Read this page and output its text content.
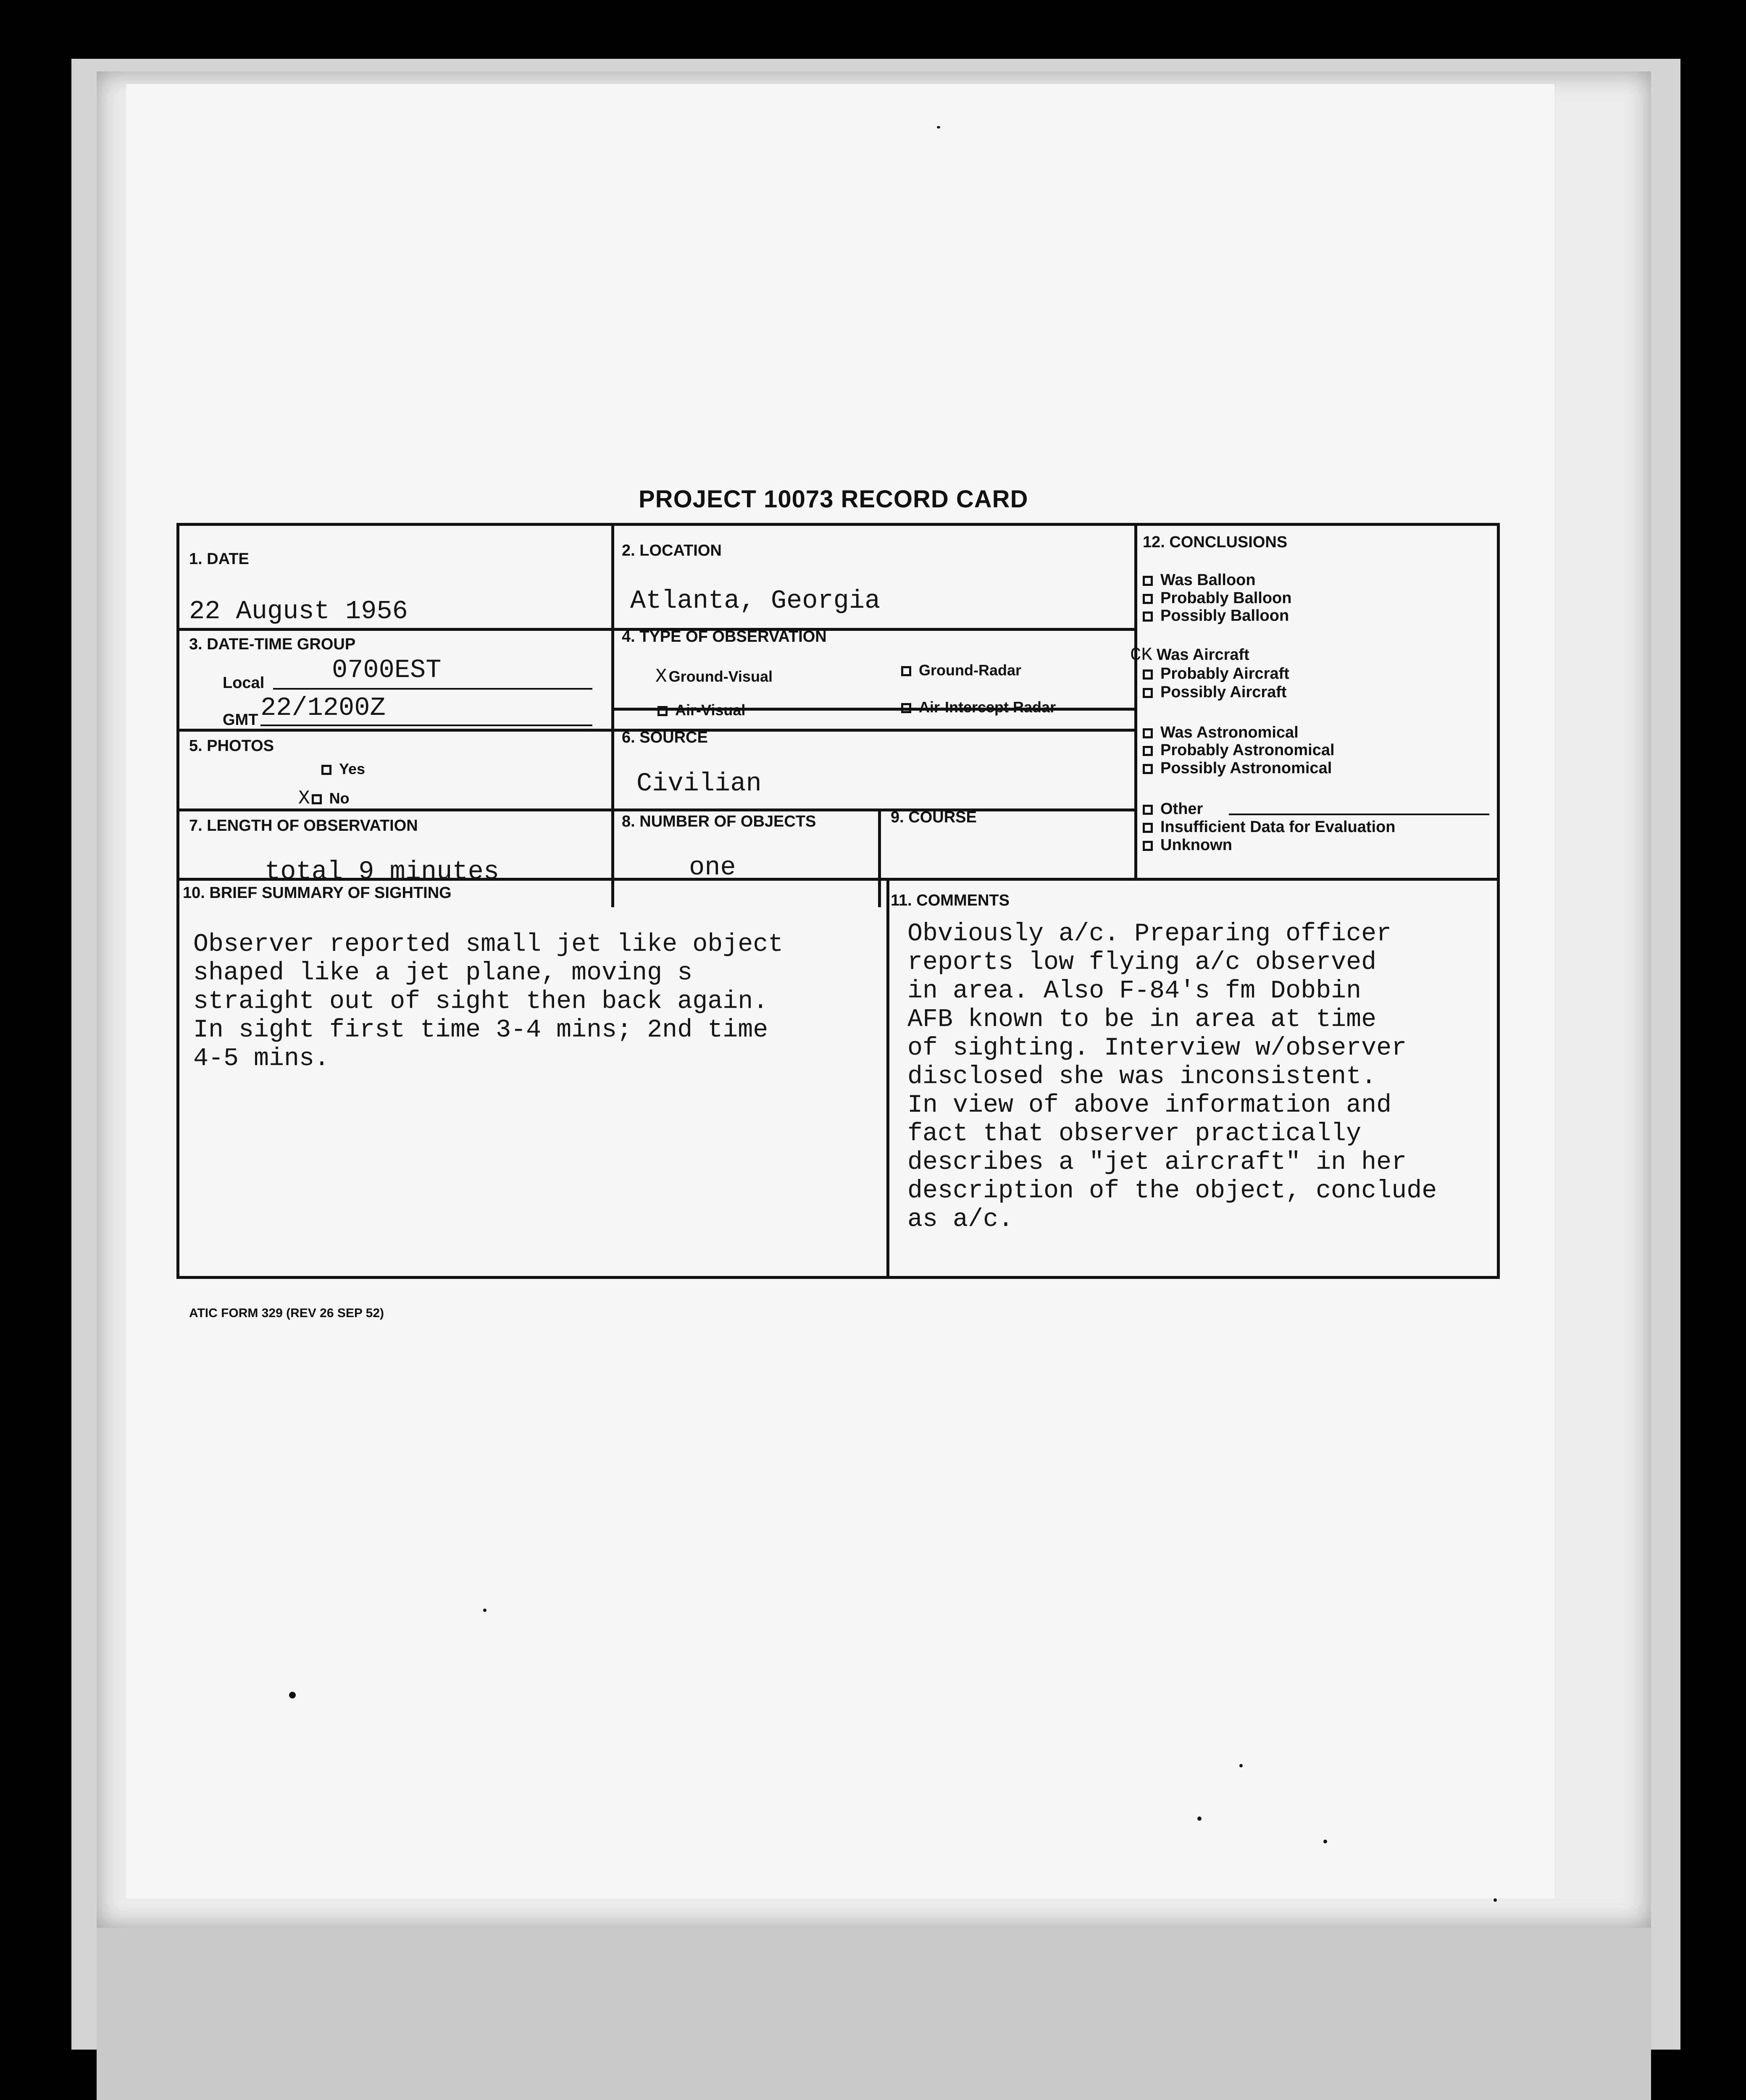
PROJECT 10073 RECORD CARD
1. DATE
22 August 1956
2. LOCATION
Atlanta, Georgia
3. DATE-TIME GROUP
Local	0700EST
GMT 22/1200Z
4. TYPE OF OBSERVATION
X Ground-Visual	Ground-Radar
Air-Visual	Air-Intercept Radar
5. PHOTOS
Yes
X No
6. SOURCE
Civilian
7. LENGTH OF OBSERVATION
total 9 minutes
8. NUMBER OF OBJECTS
one
9. COURSE
10. BRIEF SUMMARY OF SIGHTING
Observer reported small jet like object
shaped like a jet plane, moving s
straight out of sight then back again.
In sight first time 3-4 mins; 2nd time
4-5 mins.
11. COMMENTS
Obviously a/c. Preparing officer
reports low flying a/c observed
in area. Also F-84's fm Dobbin
AFB known to be in area at time
of sighting. Interview w/observer
disclosed she was inconsistent.
In view of above information and
fact that observer practically
describes a "jet aircraft" in her
description of the object, conclude
as a/c.
12. CONCLUSIONS
Was Balloon
Probably Balloon
Possibly Balloon
CK Was Aircraft
Probably Aircraft
Possibly Aircraft
Was Astronomical
Probably Astronomical
Possibly Astronomical
Other
Insufficient Data for Evaluation
Unknown
ATIC FORM 329 (REV 26 SEP 52)
